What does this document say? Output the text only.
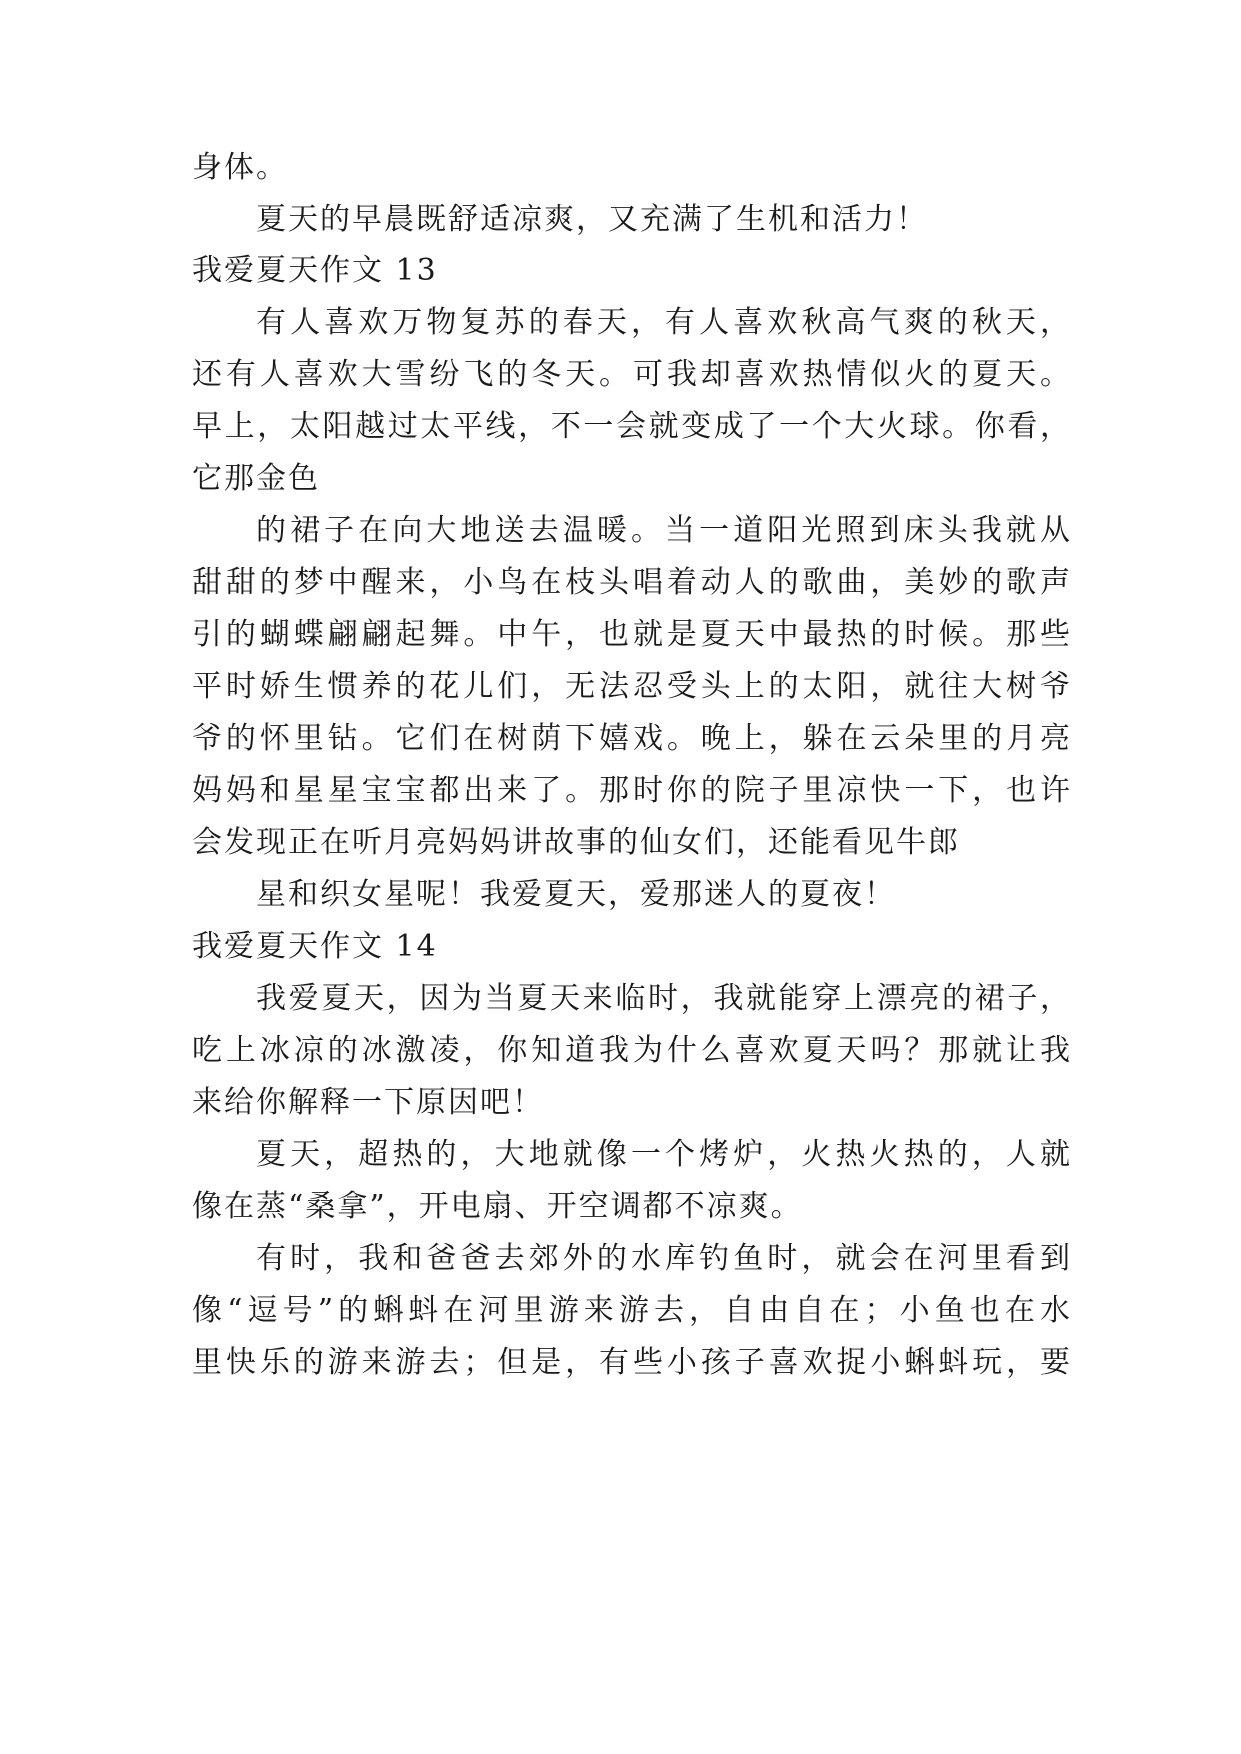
身体。
夏天的早晨既舒适凉爽，又充满了生机和活力！
我爱夏天作文 13
有人喜欢万物复苏的春天，有人喜欢秋高气爽的秋天，
还有人喜欢大雪纷飞的冬天。可我却喜欢热情似火的夏天。
早上，太阳越过太平线，不一会就变成了一个大火球。你看，
它那金色
的裙子在向大地送去温暖。当一道阳光照到床头我就从
甜甜的梦中醒来，小鸟在枝头唱着动人的歌曲，美妙的歌声
引的蝴蝶翩翩起舞。中午，也就是夏天中最热的时候。那些
平时娇生惯养的花儿们，无法忍受头上的太阳，就往大树爷
爷的怀里钻。它们在树荫下嬉戏。晚上，躲在云朵里的月亮
妈妈和星星宝宝都出来了。那时你的院子里凉快一下，也许
会发现正在听月亮妈妈讲故事的仙女们，还能看见牛郎
星和织女星呢！我爱夏天，爱那迷人的夏夜！
我爱夏天作文 14
我爱夏天，因为当夏天来临时，我就能穿上漂亮的裙子，
吃上冰凉的冰激凌，你知道我为什么喜欢夏天吗？那就让我
来给你解释一下原因吧！
夏天，超热的，大地就像一个烤炉，火热火热的，人就
像在蒸“桑拿”，开电扇、开空调都不凉爽。
有时，我和爸爸去郊外的水库钓鱼时，就会在河里看到
像“逗号”的蝌蚪在河里游来游去，自由自在；小鱼也在水
里快乐的游来游去；但是，有些小孩子喜欢捉小蝌蚪玩，要
